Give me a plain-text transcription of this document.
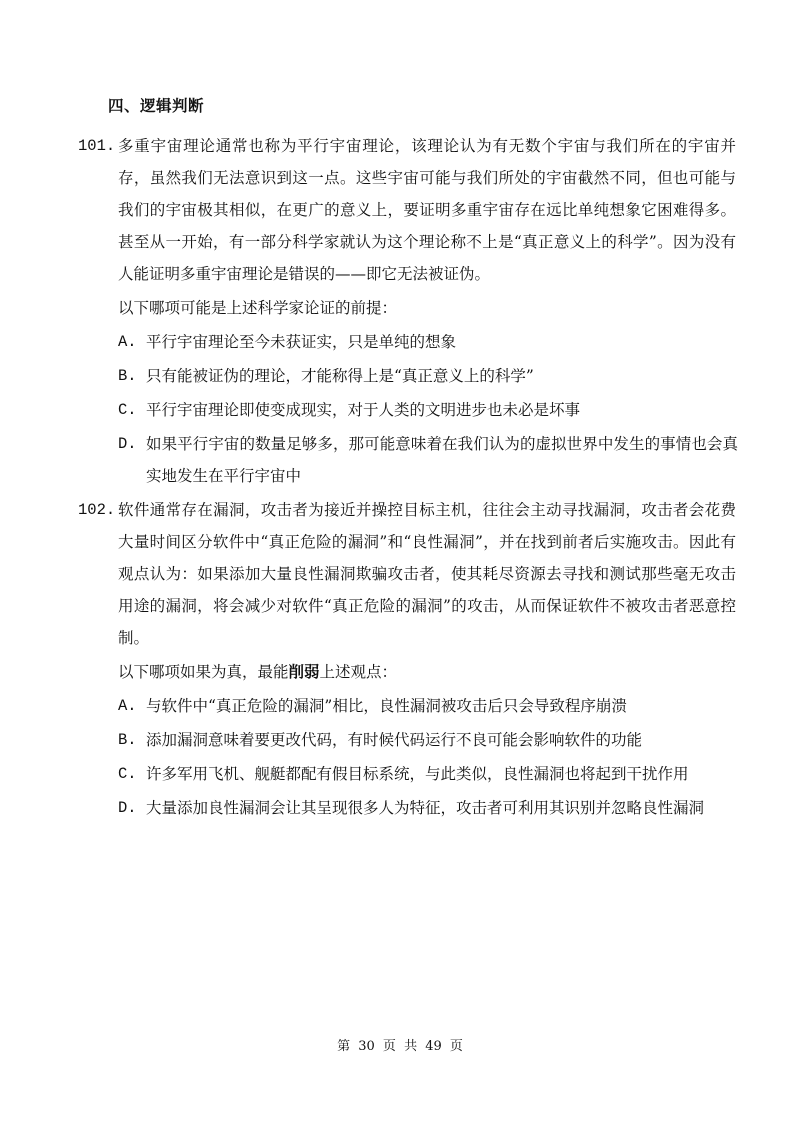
四、逻辑判断
101. 多重宇宙理论通常也称为平行宇宙理论，该理论认为有无数个宇宙与我们所在的宇宙并存，虽然我们无法意识到这一点。这些宇宙可能与我们所处的宇宙截然不同，但也可能与我们的宇宙极其相似，在更广的意义上，要证明多重宇宙存在远比单纯想象它困难得多。甚至从一开始，有一部分科学家就认为这个理论称不上是“真正意义上的科学”。因为没有人能证明多重宇宙理论是错误的——即它无法被证伪。
以下哪项可能是上述科学家论证的前提：
A. 平行宇宙理论至今未获证实，只是单纯的想象
B. 只有能被证伪的理论，才能称得上是“真正意义上的科学”
C. 平行宇宙理论即使变成现实，对于人类的文明进步也未必是坏事
D. 如果平行宇宙的数量足够多，那可能意味着在我们认为的虚拟世界中发生的事情也会真实地发生在平行宇宙中
102. 软件通常存在漏洞，攻击者为接近并操控目标主机，往往会主动寻找漏洞，攻击者会花费大量时间区分软件中“真正危险的漏洞”和“良性漏洞”，并在找到前者后实施攻击。因此有观点认为：如果添加大量良性漏洞欺骗攻击者，使其耗尽资源去寻找和测试那些毫无攻击用途的漏洞，将会减少对软件“真正危险的漏洞”的攻击，从而保证软件不被攻击者恶意控制。
以下哪项如果为真，最能削弱上述观点：
A. 与软件中“真正危险的漏洞”相比，良性漏洞被攻击后只会导致程序崩溃
B. 添加漏洞意味着要更改代码，有时候代码运行不良可能会影响软件的功能
C. 许多军用飞机、舰艇都配有假目标系统，与此类似，良性漏洞也将起到干扰作用
D. 大量添加良性漏洞会让其呈现很多人为特征，攻击者可利用其识别并忽略良性漏洞
第 30 页 共 49 页
